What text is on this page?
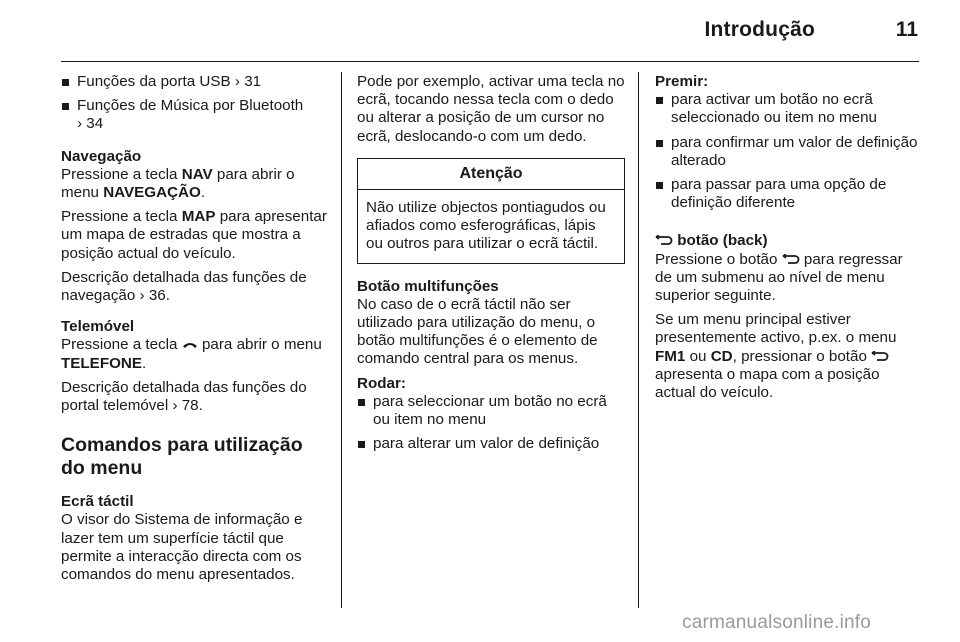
Introdução	11
Funções da porta USB › 31
Funções de Música por Bluetooth
› 34

Navegação

Pressione a tecla NAV para abrir o menu NAVEGAÇÃO.

Pressione a tecla MAP para apresentar um mapa de estradas que mostra a posição actual do veículo.

Descrição detalhada das funções de navegação › 36.

Telemóvel

Pressione a tecla  para abrir o menu TELEFONE.

Descrição detalhada das funções do portal telemóvel › 78.

Comandos para utilização do menu

Ecrã táctil

O visor do Sistema de informação e lazer tem um superfície táctil que permite a interacção directa com os comandos do menu apresentados.

Pode por exemplo, activar uma tecla no ecrã, tocando nessa tecla com o dedo ou alterar a posição de um cursor no ecrã, deslocando-o com um dedo.

Atenção
Não utilize objectos pontiagudos ou afiados como esferográficas, lápis ou outros para utilizar o ecrã táctil.

Botão multifunções

No caso de o ecrã táctil não ser utilizado para utilização do menu, o botão multifunções é o elemento de comando central para os menus.

Rodar:

para seleccionar um botão no ecrã ou item no menu
para alterar um valor de definição

Premir:

para activar um botão no ecrã seleccionado ou item no menu
para confirmar um valor de definição alterado
para passar para uma opção de definição diferente

botão (back)

Pressione o botão  para regressar de um submenu ao nível de menu superior seguinte.

Se um menu principal estiver presentemente activo, p.ex. o menu FM1 ou CD, pressionar o botão  apresenta o mapa com a posição actual do veículo.

carmanualsonline.info
